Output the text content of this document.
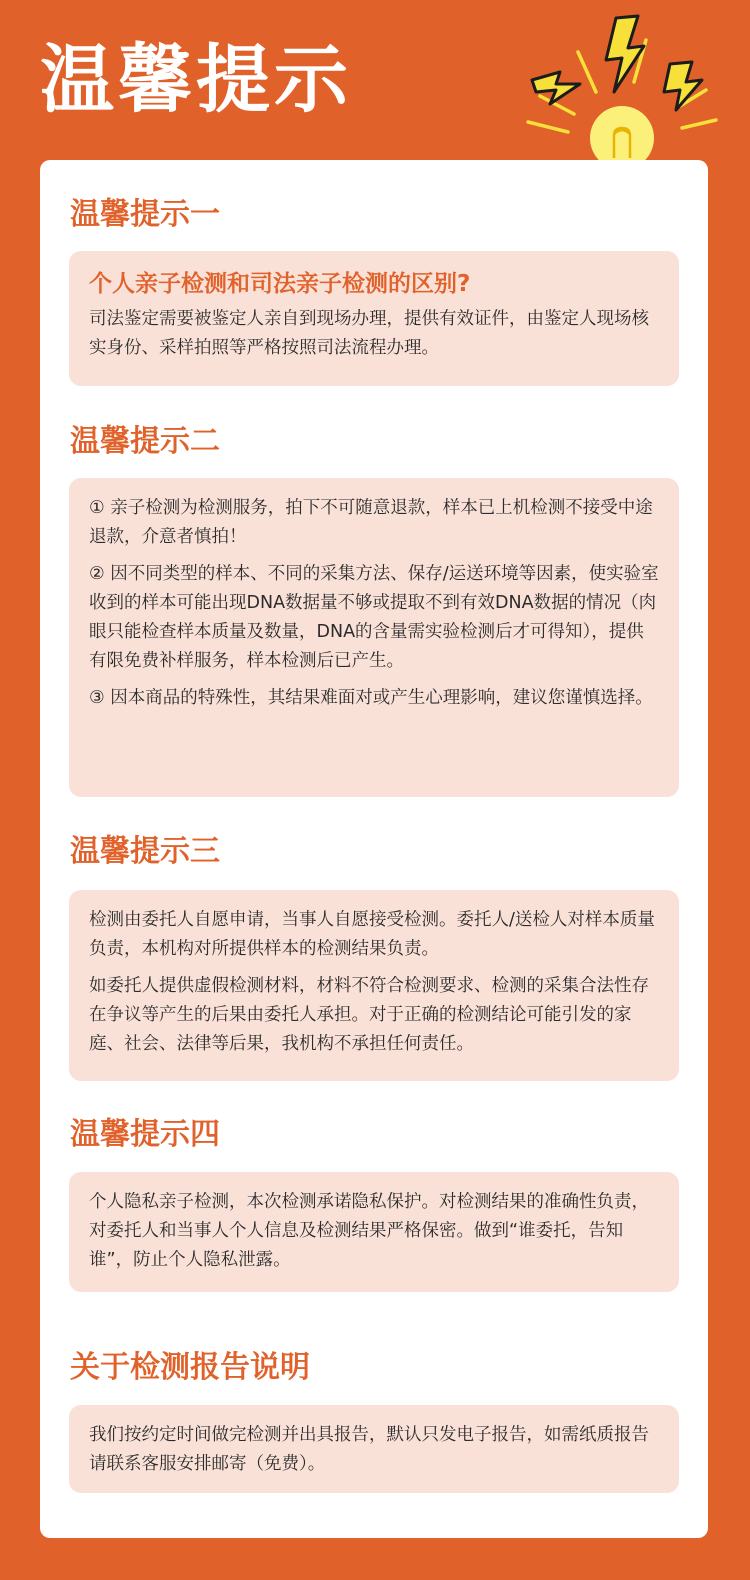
温馨提示
温馨提示一

个人亲子检测和司法亲子检测的区别?

司法鉴定需要被鉴定人亲自到现场办理，提供有效证件，由鉴定人现场核实身份、采样拍照等严格按照司法流程办理。

温馨提示二

① 亲子检测为检测服务，拍下不可随意退款，样本已上机检测不接受中途退款，介意者慎拍！

② 因不同类型的样本、不同的采集方法、保存/运送环境等因素，使实验室收到的样本可能出现DNA数据量不够或提取不到有效DNA数据的情况（肉眼只能检查样本质量及数量，DNA的含量需实验检测后才可得知），提供有限免费补样服务，样本检测后已产生。

③ 因本商品的特殊性，其结果难面对或产生心理影响，建议您谨慎选择。

温馨提示三

检测由委托人自愿申请，当事人自愿接受检测。委托人/送检人对样本质量负责，本机构对所提供样本的检测结果负责。

如委托人提供虚假检测材料，材料不符合检测要求、检测的采集合法性存在争议等产生的后果由委托人承担。对于正确的检测结论可能引发的家庭、社会、法律等后果，我机构不承担任何责任。

温馨提示四

个人隐私亲子检测，本次检测承诺隐私保护。对检测结果的准确性负责，对委托人和当事人个人信息及检测结果严格保密。做到“谁委托，告知谁”，防止个人隐私泄露。

关于检测报告说明

我们按约定时间做完检测并出具报告，默认只发电子报告，如需纸质报告请联系客服安排邮寄（免费）。
